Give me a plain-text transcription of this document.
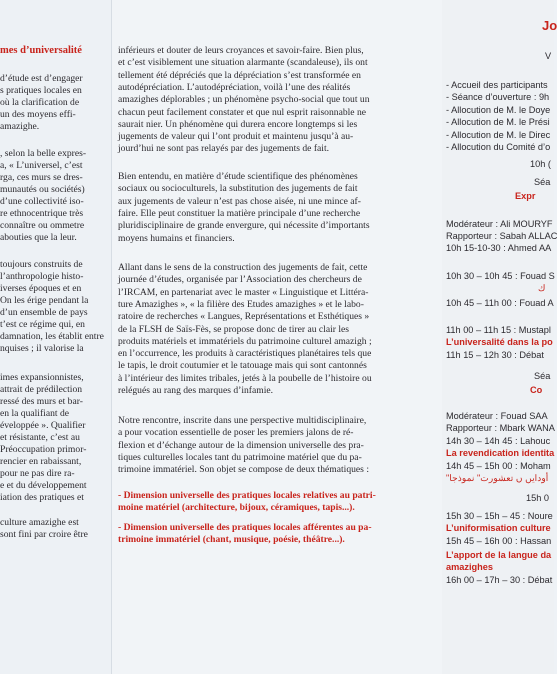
mes d’universalité
d’étude est d’engager
s pratiques locales en
où la clarification de
un des moyens effi-
amazighe.
, selon la belle expres-
a, « L’universel, c’est
rga, ces murs se dres-
munautés ou sociétés)
d’une collectivité iso-
re ethnocentrique très
connaître ou ommetre
abouties que la leur.
toujours construits de
l’anthropologie histo-
iverses époques et en
On les érige pendant la
d’un ensemble de pays
t’est ce régime qui, en
damnation, les établit entre
nquises ; il valorise la
imes expansionnistes,
attrait de prédilection
ressé des murs et bar-
en la qualifiant de
éveloppée ». Qualifier
et résistante, c’est au
Préoccupation primor-
rencier en rabaissant,
pour ne pas dire ra-
e et du développement
iation des pratiques et
culture amazighe est
sont fini par croire être
inférieurs et douter de leurs croyances et savoir-faire. Bien plus,
et c’est visiblement une situation alarmante (scandaleuse), ils ont
tellement été dépréciés que la dépréciation s’est transformée en
autodépréciation. L’autodépréciation, voilà l’une des réalités
amazighes déplorables ; un phénomène psycho-social que tout un
chacun peut facilement constater et que nul esprit raisonnable ne
saurait nier. Un phénomène qui durera encore longtemps si les
jugements de valeur qui l’ont produit et maintenu jusqu’à au-
jourd’hui ne sont pas relayés par des jugements de fait.
Bien entendu, en matière d’étude scientifique des phénomènes
sociaux ou socioculturels, la substitution des jugements de fait
aux jugements de valeur n’est pas chose aisée, ni une mince af-
faire. Elle peut constituer la matière principale d’une recherche
pluridisciplinaire de grande envergure, qui nécessite d’importants
moyens humains et financiers.
Allant dans le sens de la construction des jugements de fait, cette
journée d’études, organisée par l’Association des chercheurs de
l’IRCAM, en partenariat avec le master « Linguistique et Littéra-
ture Amazighes », « la filière des Etudes amazighes » et le labo-
ratoire de recherches « Langues, Représentations et Esthétiques »
de la FLSH de Saïs-Fès, se propose donc de tirer au clair les
produits matériels et immatériels du patrimoine culturel amazigh ;
en l’occurrence, les produits à caractéristiques planétaires tels que
le tapis, le droit coutumier et le tatouage mais qui sont cantonnés
à l’intérieur des limites tribales, jetés à la poubelle de l’histoire ou
relégués au rang des marques d’infamie.
Notre rencontre, inscrite dans une perspective multidisciplinaire,
a pour vocation essentielle de poser les premiers jalons de ré-
flexion et d’échange autour de la dimension universelle des pra-
tiques culturelles locales tant du patrimoine matériel que du pa-
trimoine immatériel. Son objet se compose de deux thématiques :
- Dimension universelle des pratiques locales relatives au patri-
moine matériel (architecture, bijoux, céramiques, tapis...).
- Dimension universelle des pratiques locales afférentes au pa-
trimoine immatériel (chant, musique, poésie, théâtre...).
Jo
V
- Accueil des participants
- Séance d’ouverture : 9h
- Allocution de M. le Doye
- Allocution de M. le Prési
- Allocution de M. le Direc
- Allocution du Comité d’o
10h (
Séa
Expr
Modérateur : Ali MOURYF
Rapporteur : Sabah ALLAC
10h 15-10-30 : Ahmed AA
10h 30 – 10h 45 : Fouad S
ك
10h 45 – 11h 00 : Fouad A
11h 00 – 11h 15 : Mustapl
L’universalité dans la po
11h 15 – 12h 30 : Débat
Séa
Co
Modérateur : Fouad SAA
Rapporteur : Mbark WANA
14h 30 – 14h 45 : Lahouc
La revendication identita
14h 45 – 15h 00 : Moham
"أودايں ں تعشورت" نموذجا
15h 0
15h 30 – 15h – 45 : Noure
L’uniformisation culture
15h 45 – 16h 00 : Hassan
L’apport de la langue da
amazighes
16h 00 – 17h – 30 : Débat
